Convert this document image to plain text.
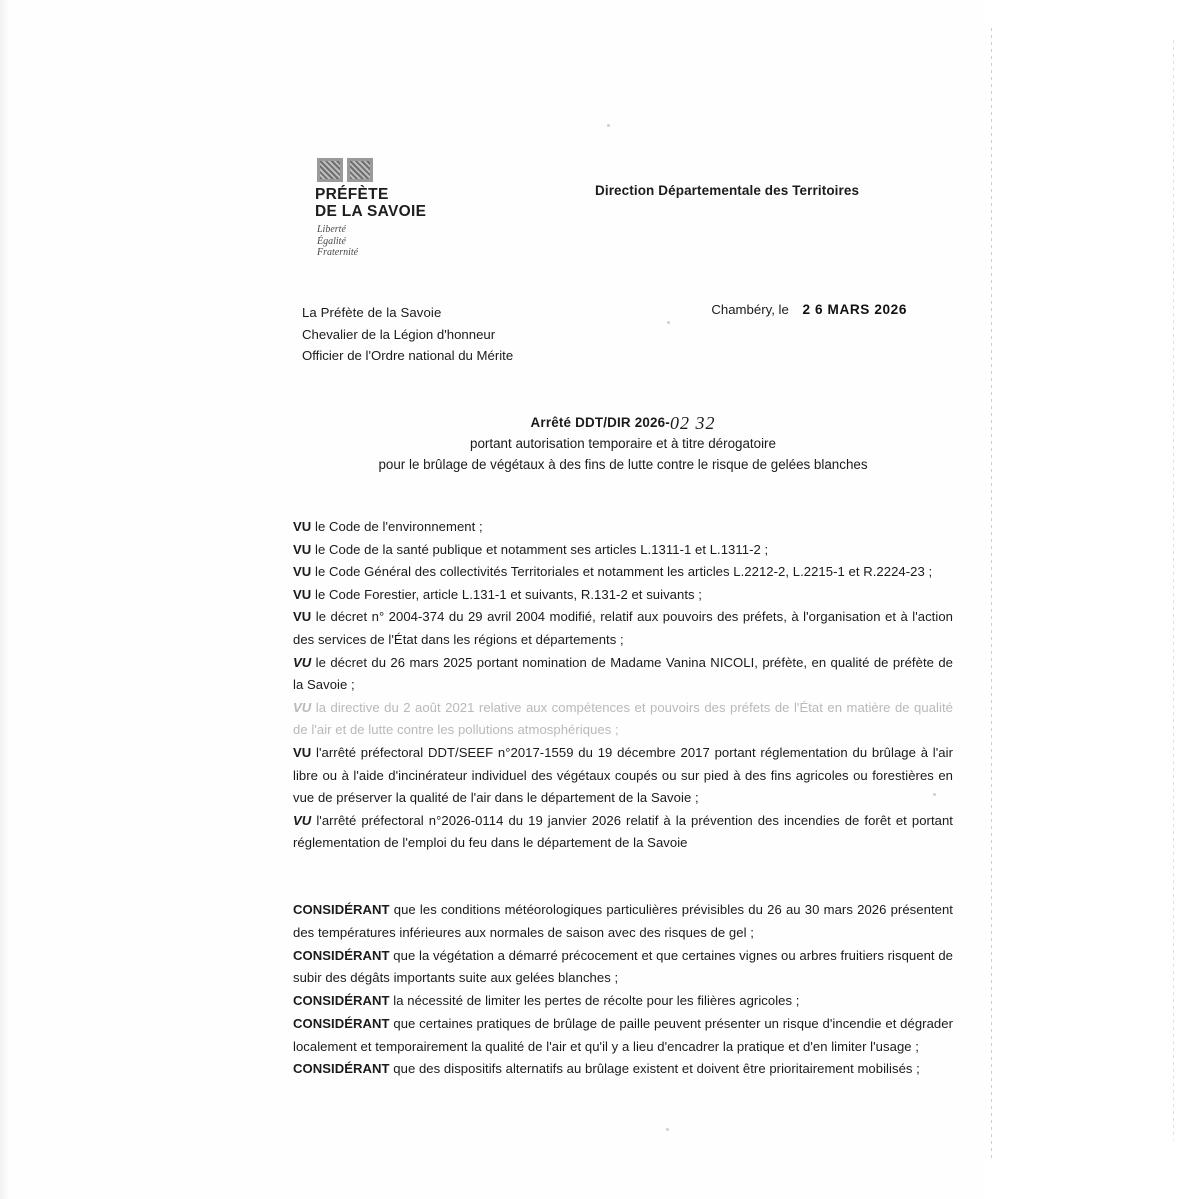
PRÉFÈTE
DE LA SAVOIE
Liberté
Égalité
Fraternité
Direction Départementale des Territoires
La Préfète de la Savoie
Chevalier de la Légion d'honneur
Officier de l'Ordre national du Mérite
Chambéry, le 2 6 MARS 2026
Arrêté DDT/DIR 2026-02 32
portant autorisation temporaire et à titre dérogatoire
pour le brûlage de végétaux à des fins de lutte contre le risque de gelées blanches

VU le Code de l'environnement ;

VU le Code de la santé publique et notamment ses articles L.1311-1 et L.1311-2 ;

VU le Code Général des collectivités Territoriales et notamment les articles L.2212-2, L.2215-1 et R.2224-23 ;

VU le Code Forestier, article L.131-1 et suivants, R.131-2 et suivants ;

VU le décret n° 2004-374 du 29 avril 2004 modifié, relatif aux pouvoirs des préfets, à l'organisation et à l'action des services de l'État dans les régions et départements ;

VU le décret du 26 mars 2025 portant nomination de Madame Vanina NICOLI, préfète, en qualité de préfète de la Savoie ;

VU la directive du 2 août 2021 relative aux compétences et pouvoirs des préfets de l'État en matière de qualité de l'air et de lutte contre les pollutions atmosphériques ;

VU l'arrêté préfectoral DDT/SEEF n°2017-1559 du 19 décembre 2017 portant réglementation du brûlage à l'air libre ou à l'aide d'incinérateur individuel des végétaux coupés ou sur pied à des fins agricoles ou forestières en vue de préserver la qualité de l'air dans le département de la Savoie ;

VU l'arrêté préfectoral n°2026-0114 du 19 janvier 2026 relatif à la prévention des incendies de forêt et portant réglementation de l'emploi du feu dans le département de la Savoie

CONSIDÉRANT que les conditions météorologiques particulières prévisibles du 26 au 30 mars 2026 présentent des températures inférieures aux normales de saison avec des risques de gel ;

CONSIDÉRANT que la végétation a démarré précocement et que certaines vignes ou arbres fruitiers risquent de subir des dégâts importants suite aux gelées blanches ;

CONSIDÉRANT la nécessité de limiter les pertes de récolte pour les filières agricoles ;

CONSIDÉRANT que certaines pratiques de brûlage de paille peuvent présenter un risque d'incendie et dégrader localement et temporairement la qualité de l'air et qu'il y a lieu d'encadrer la pratique et d'en limiter l'usage ;

CONSIDÉRANT que des dispositifs alternatifs au brûlage existent et doivent être prioritairement mobilisés ;
